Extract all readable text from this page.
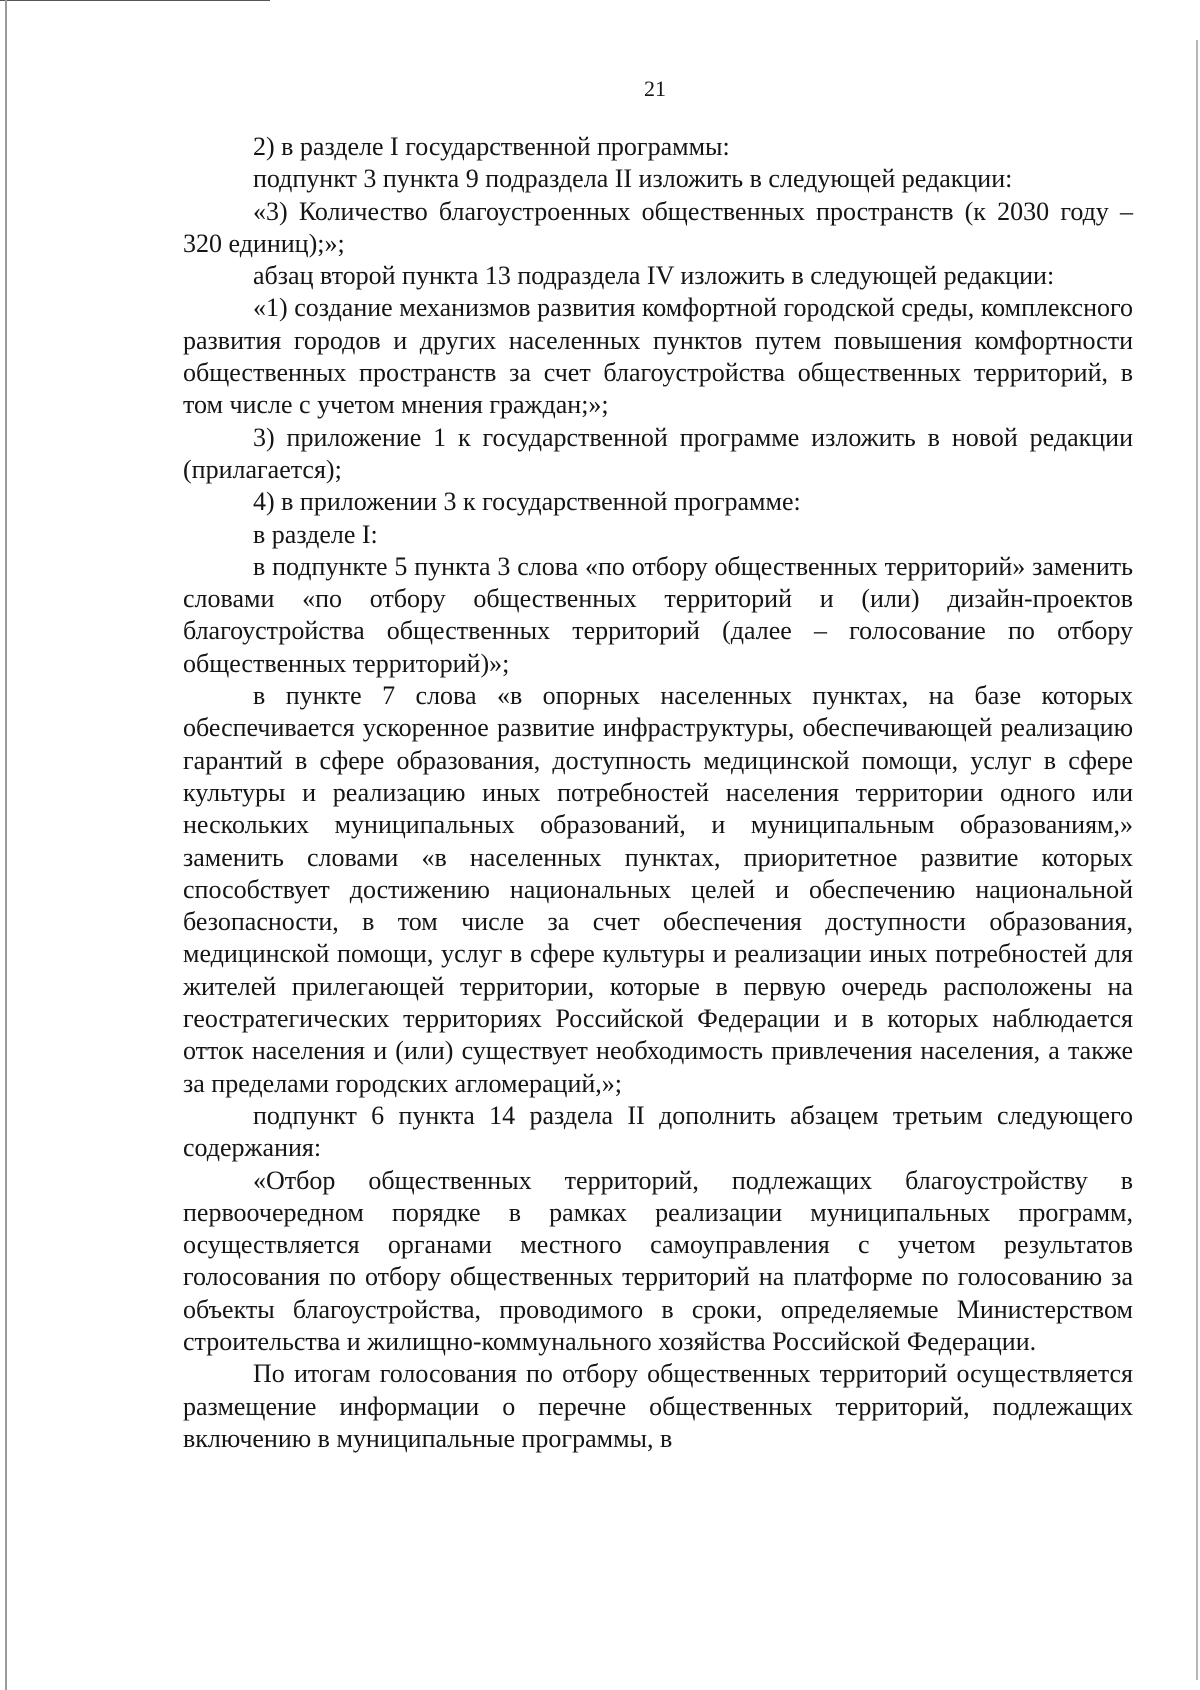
21

2) в разделе I государственной программы:

подпункт 3 пункта 9 подраздела II изложить в следующей редакции:

«3) Количество благоустроенных общественных пространств (к 2030 году – 320 единиц);»;

абзац второй пункта 13 подраздела IV изложить в следующей редакции:

«1) создание механизмов развития комфортной городской среды, комплексного развития городов и других населенных пунктов путем повышения комфортности общественных пространств за счет благоустройства общественных территорий, в том числе с учетом мнения граждан;»;

3) приложение 1 к государственной программе изложить в новой редакции (прилагается);

4) в приложении 3 к государственной программе:

в разделе I:

в подпункте 5 пункта 3 слова «по отбору общественных территорий» заменить словами «по отбору общественных территорий и (или) дизайн-проектов благоустройства общественных территорий (далее – голосование по отбору общественных территорий)»;

в пункте 7 слова «в опорных населенных пунктах, на базе которых обеспечивается ускоренное развитие инфраструктуры, обеспечивающей реализацию гарантий в сфере образования, доступность медицинской помощи, услуг в сфере культуры и реализацию иных потребностей населения территории одного или нескольких муниципальных образований, и муниципальным образованиям,» заменить словами «в населенных пунктах, приоритетное развитие которых способствует достижению национальных целей и обеспечению национальной безопасности, в том числе за счет обеспечения доступности образования, медицинской помощи, услуг в сфере культуры и реализации иных потребностей для жителей прилегающей территории, которые в первую очередь расположены на геостратегических территориях Российской Федерации и в которых наблюдается отток населения и (или) существует необходимость привлечения населения, а также за пределами городских агломераций,»;

подпункт 6 пункта 14 раздела II дополнить абзацем третьим следующего содержания:

«Отбор общественных территорий, подлежащих благоустройству в первоочередном порядке в рамках реализации муниципальных программ, осуществляется органами местного самоуправления с учетом результатов голосования по отбору общественных территорий на платформе по голосованию за объекты благоустройства, проводимого в сроки, определяемые Министерством строительства и жилищно-коммунального хозяйства Российской Федерации.

По итогам голосования по отбору общественных территорий осуществляется размещение информации о перечне общественных территорий, подлежащих включению в муниципальные программы, в
